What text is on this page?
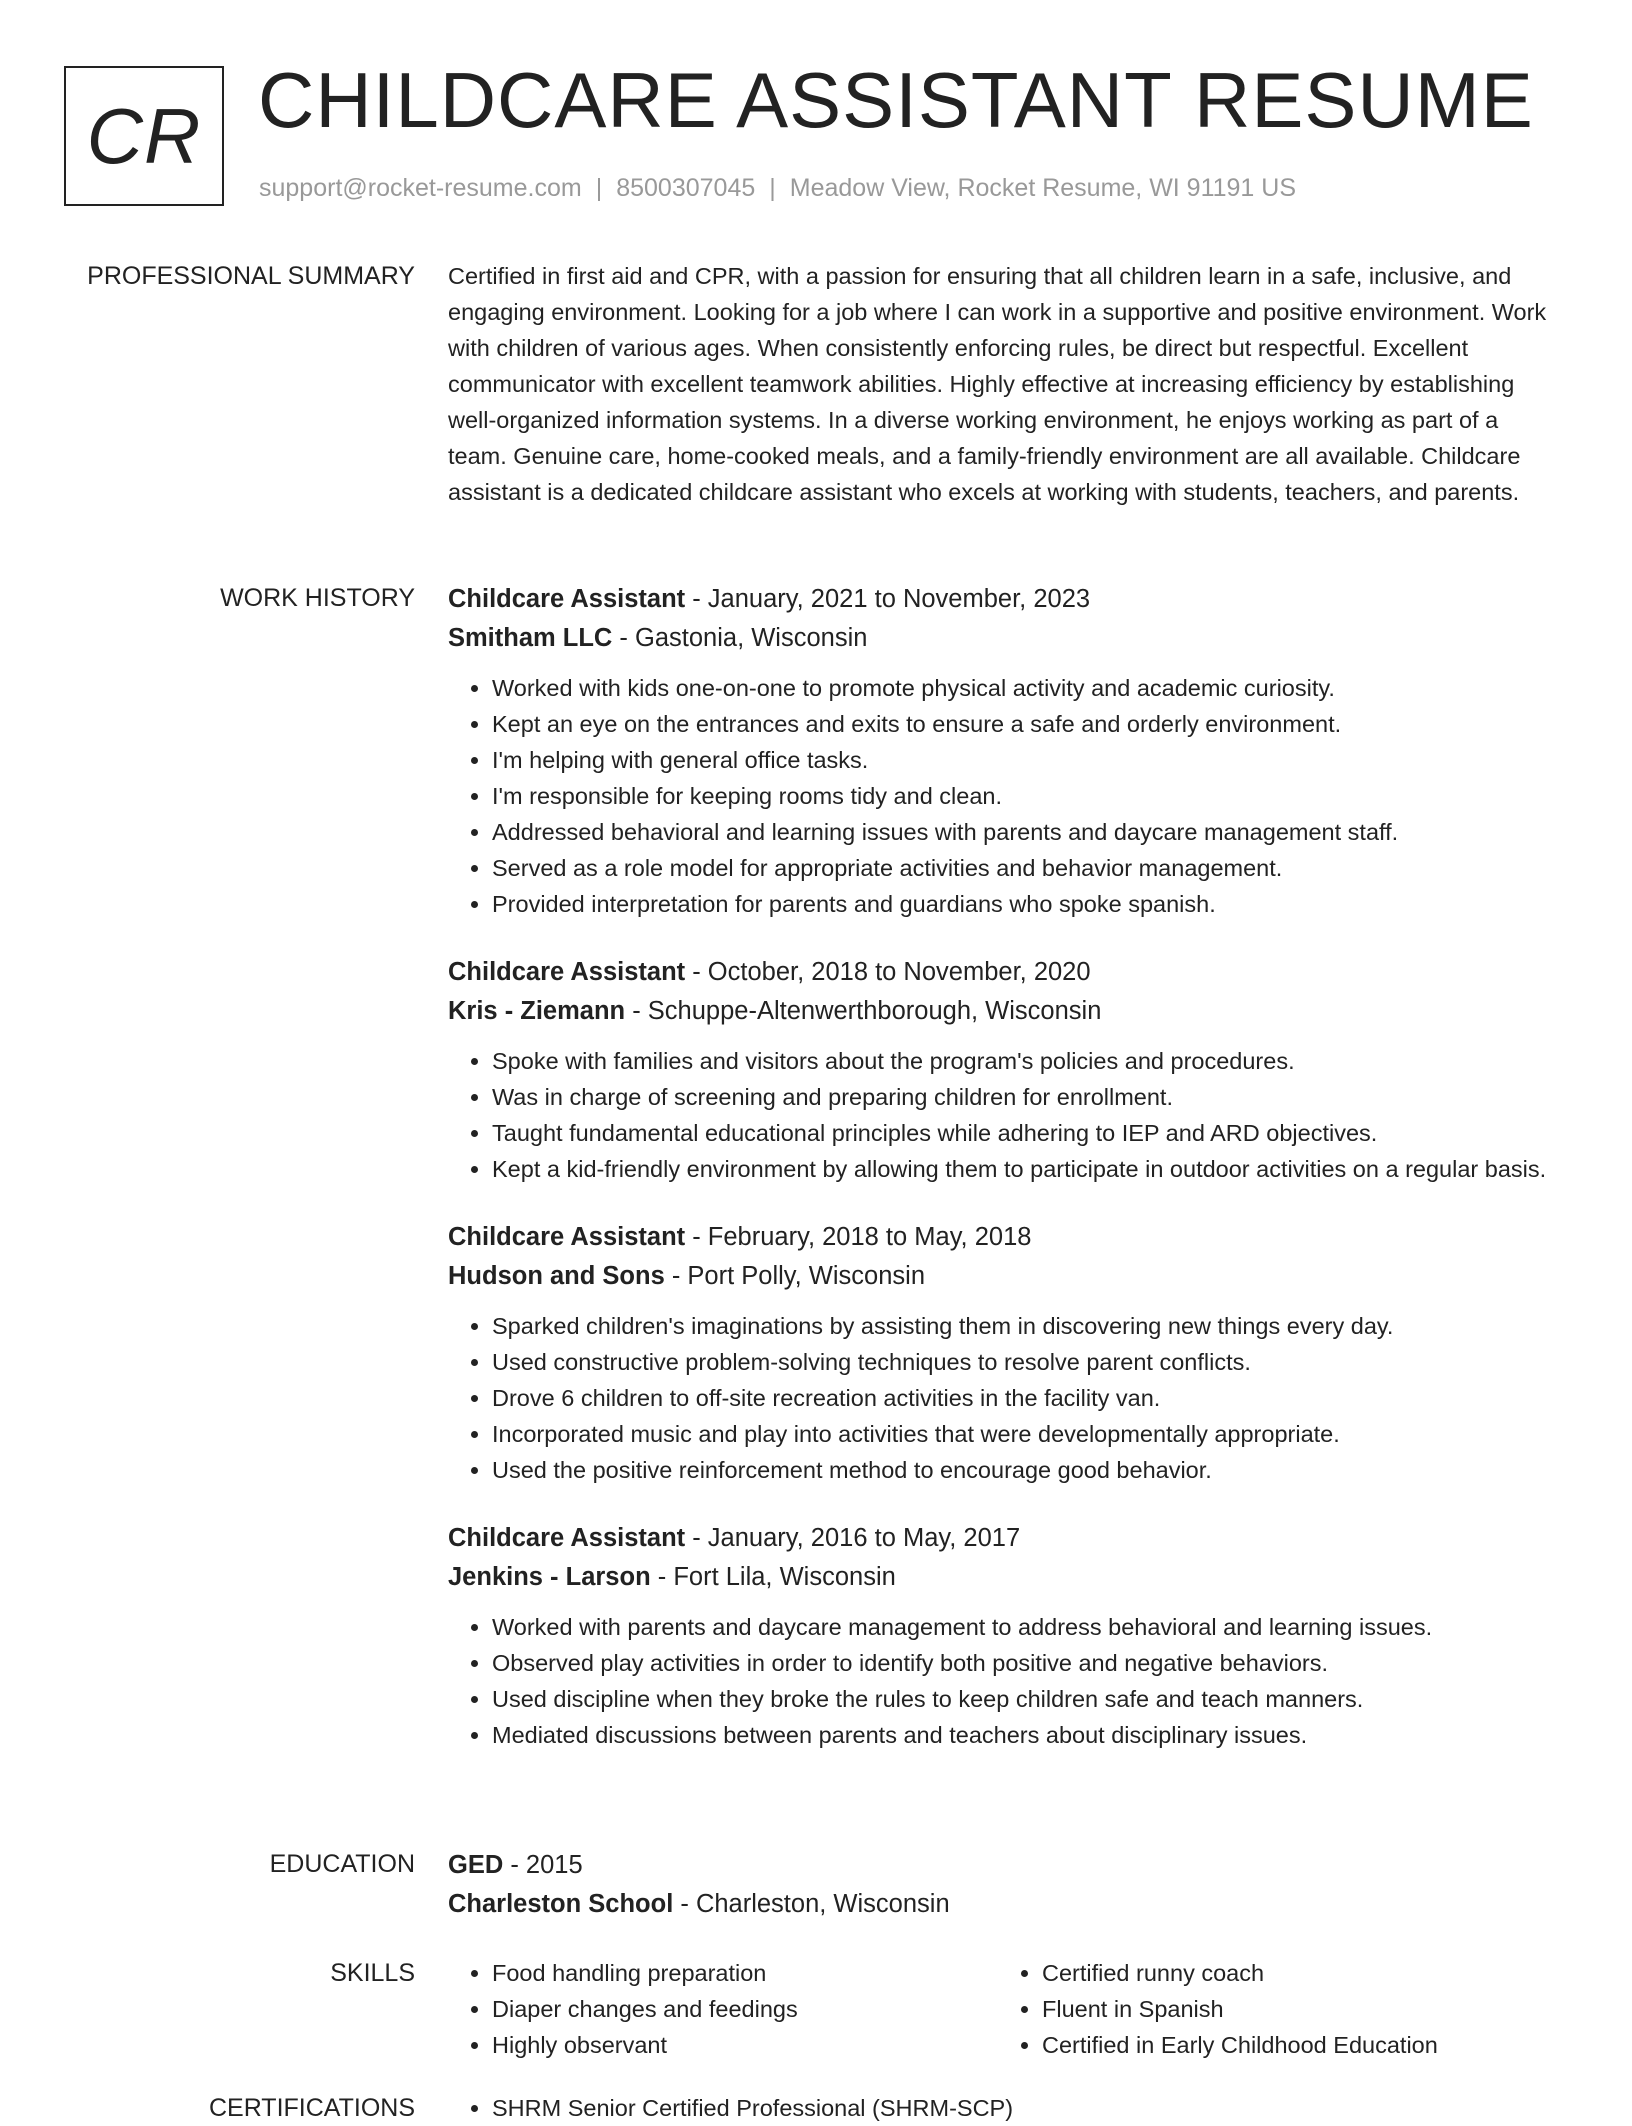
CR CHILDCARE ASSISTANT RESUME
support@rocket-resume.com | 8500307045 | Meadow View, Rocket Resume, WI 91191 US
PROFESSIONAL SUMMARY Certified in first aid and CPR, with a passion for ensuring that all children learn in a safe, inclusive, and engaging environment. Looking for a job where I can work in a supportive and positive environment. Work with children of various ages. When consistently enforcing rules, be direct but respectful. Excellent communicator with excellent teamwork abilities. Highly effective at increasing efficiency by establishing well-organized information systems. In a diverse working environment, he enjoys working as part of a team. Genuine care, home-cooked meals, and a family-friendly environment are all available. Childcare assistant is a dedicated childcare assistant who excels at working with students, teachers, and parents.

WORK HISTORY Childcare Assistant - January, 2021 to November, 2023
Smitham LLC - Gastonia, Wisconsin
• Worked with kids one-on-one to promote physical activity and academic curiosity.
• Kept an eye on the entrances and exits to ensure a safe and orderly environment.
• I'm helping with general office tasks.
• I'm responsible for keeping rooms tidy and clean.
• Addressed behavioral and learning issues with parents and daycare management staff.
• Served as a role model for appropriate activities and behavior management.
• Provided interpretation for parents and guardians who spoke spanish.
Childcare Assistant - October, 2018 to November, 2020
Kris - Ziemann - Schuppe-Altenwerthborough, Wisconsin
• Spoke with families and visitors about the program's policies and procedures.
• Was in charge of screening and preparing children for enrollment.
• Taught fundamental educational principles while adhering to IEP and ARD objectives.
• Kept a kid-friendly environment by allowing them to participate in outdoor activities on a regular basis.
Childcare Assistant - February, 2018 to May, 2018
Hudson and Sons - Port Polly, Wisconsin
• Sparked children's imaginations by assisting them in discovering new things every day.
• Used constructive problem-solving techniques to resolve parent conflicts.
• Drove 6 children to off-site recreation activities in the facility van.
• Incorporated music and play into activities that were developmentally appropriate.
• Used the positive reinforcement method to encourage good behavior.
Childcare Assistant - January, 2016 to May, 2017
Jenkins - Larson - Fort Lila, Wisconsin
• Worked with parents and daycare management to address behavioral and learning issues.
• Observed play activities in order to identify both positive and negative behaviors.
• Used discipline when they broke the rules to keep children safe and teach manners.
• Mediated discussions between parents and teachers about disciplinary issues.
EDUCATION GED - 2015
Charleston School - Charleston, Wisconsin
SKILLS	• Food handling preparation
• Diaper changes and feedings
• Highly observant
• Certified runny coach
• Fluent in Spanish
• Certified in Early Childhood Education
CERTIFICATIONS	• SHRM Senior Certified Professional (SHRM-SCP)
